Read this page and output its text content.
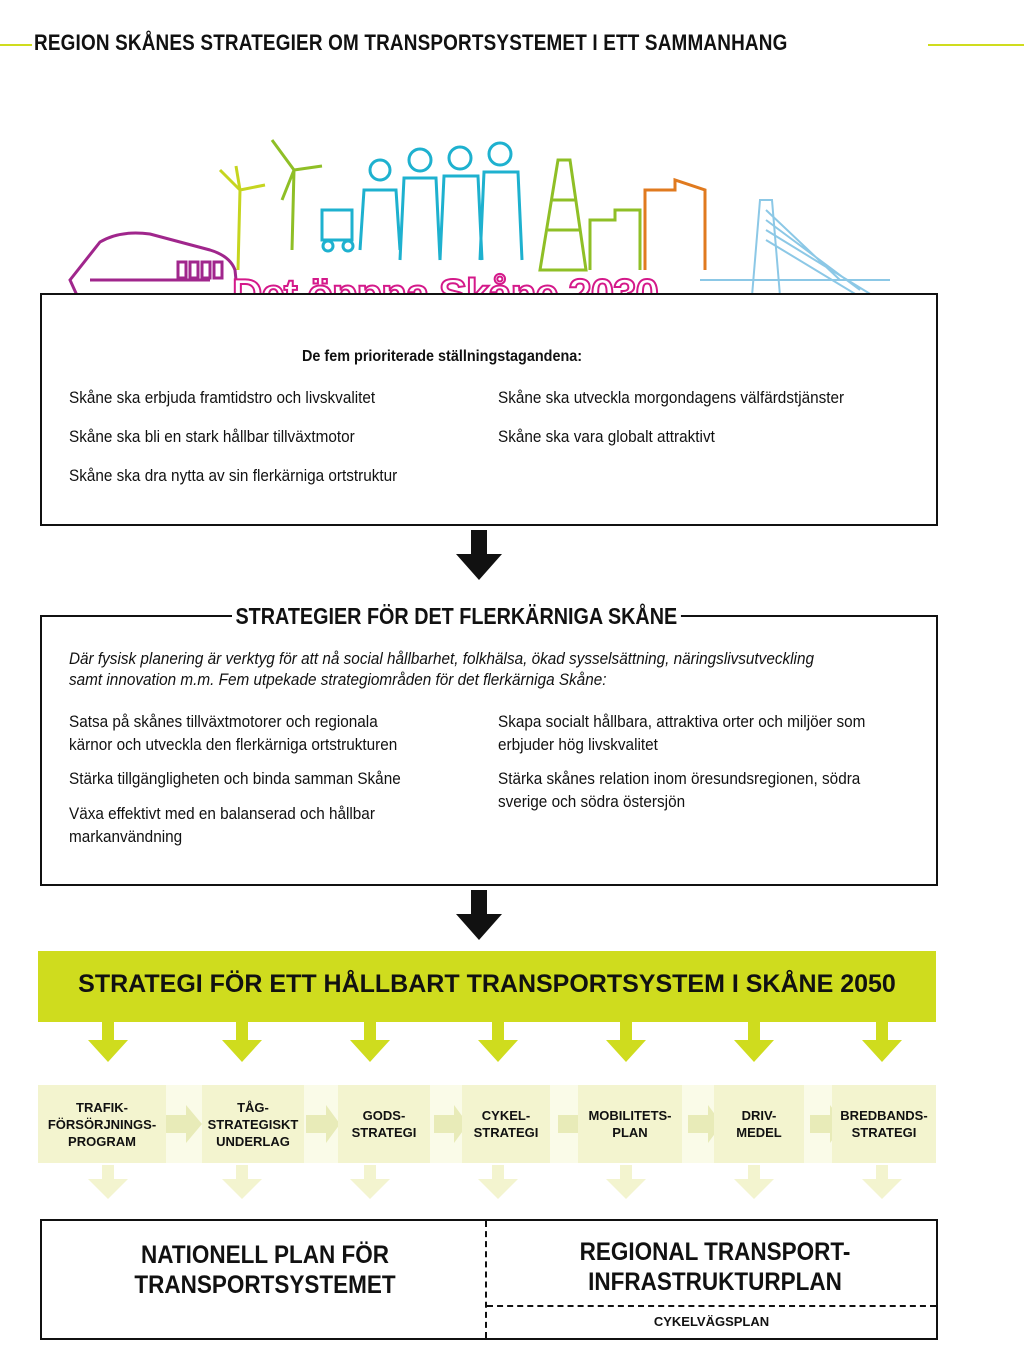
REGION SKÅNES STRATEGIER OM TRANSPORTSYSTEMET I ETT SAMMANHANG
De fem prioriterade ställningstagandena:
Skåne ska erbjuda framtidstro och livskvalitet
Skåne ska bli en stark hållbar tillväxtmotor
Skåne ska dra nytta av sin flerkärniga ortstruktur
Skåne ska utveckla morgondagens välfärdstjänster
Skåne ska vara globalt attraktivt
STRATEGIER FÖR DET FLERKÄRNIGA SKÅNE
Där fysisk planering är verktyg för att nå social hållbarhet, folkhälsa, ökad sysselsättning, näringslivsutveckling
samt innovation m.m. Fem utpekade strategiområden för det flerkärniga Skåne:
Satsa på skånes tillväxtmotorer och regionala
kärnor och utveckla den flerkärniga ortstrukturen
Stärka tillgängligheten och binda samman Skåne
Växa effektivt med en balanserad och hållbar
markanvändning
Skapa socialt hållbara, attraktiva orter och miljöer som
erbjuder hög livskvalitet
Stärka skånes relation inom öresundsregionen, södra
sverige och södra östersjön
STRATEGI FÖR ETT HÅLLBART TRANSPORTSYSTEM I SKÅNE 2050
TRAFIK-
FÖRSÖRJNINGS-
PROGRAM
TÅG-
STRATEGISKT
UNDERLAG
GODS-
STRATEGI
CYKEL-
STRATEGI
MOBILITETS-
PLAN
DRIV-
MEDEL
BREDBANDS-
STRATEGI
NATIONELL PLAN FÖR
TRANSPORTSYSTEMET
REGIONAL TRANSPORT-
INFRASTRUKTURPLAN
CYKELVÄGSPLAN
